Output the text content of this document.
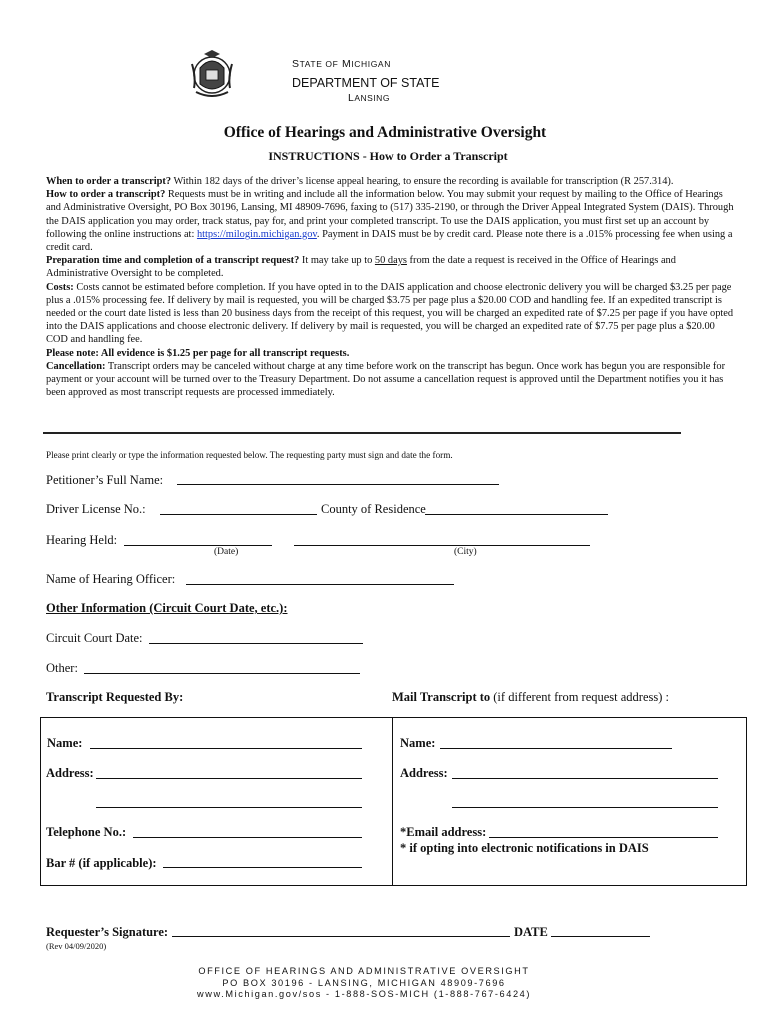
STATE OF MICHIGAN
DEPARTMENT OF STATE
LANSING
Office of Hearings and Administrative Oversight
INSTRUCTIONS - How to Order a Transcript
When to order a transcript? Within 182 days of the driver’s license appeal hearing, to ensure the recording is available for transcription (R 257.314).
How to order a transcript? Requests must be in writing and include all the information below. You may submit your request by mailing to the Office of Hearings and Administrative Oversight, PO Box 30196, Lansing, MI 48909-7696, faxing to (517) 335-2190, or through the Driver Appeal Integrated System (DAIS). Through the DAIS application you may order, track status, pay for, and print your completed transcript. To use the DAIS application, you must first set up an account by following the online instructions at: https://milogin.michigan.gov. Payment in DAIS must be by credit card. Please note there is a .015% processing fee when using a credit card.
Preparation time and completion of a transcript request? It may take up to 50 days from the date a request is received in the Office of Hearings and Administrative Oversight to be completed.
Costs: Costs cannot be estimated before completion. If you have opted in to the DAIS application and choose electronic delivery you will be charged $3.25 per page plus a .015% processing fee. If delivery by mail is requested, you will be charged $3.75 per page plus a $20.00 COD and handling fee. If an expedited transcript is needed or the court date listed is less than 20 business days from the receipt of this request, you will be charged an expedited rate of $7.25 per page if you have opted into the DAIS applications and choose electronic delivery. If delivery by mail is requested, you will be charged an expedited rate of $7.75 per page plus a $20.00 COD and handling fee.
Please note: All evidence is $1.25 per page for all transcript requests.
Cancellation: Transcript orders may be canceled without charge at any time before work on the transcript has begun. Once work has begun you are responsible for payment or your account will be turned over to the Treasury Department. Do not assume a cancellation request is approved until the Department notifies you it has been approved as most transcript requests are processed immediately.
Please print clearly or type the information requested below. The requesting party must sign and date the form.
Petitioner’s Full Name:
Driver License No.:	County of Residence
Hearing Held:
(Date)	(City)
Name of Hearing Officer:
Other Information (Circuit Court Date, etc.):
Circuit Court Date:
Other:
Transcript Requested By:	Mail Transcript to (if different from request address) :
Name:
Address:
Telephone No.:
Bar # (if applicable):
Name:
Address:
*Email address:
* if opting into electronic notifications in DAIS
Requester’s Signature:	DATE
(Rev 04/09/2020)
OFFICE OF HEARINGS AND ADMINISTRATIVE OVERSIGHT
PO BOX 30196 - LANSING, MICHIGAN 48909-7696
www.Michigan.gov/sos - 1-888-SOS-MICH (1-888-767-6424)
